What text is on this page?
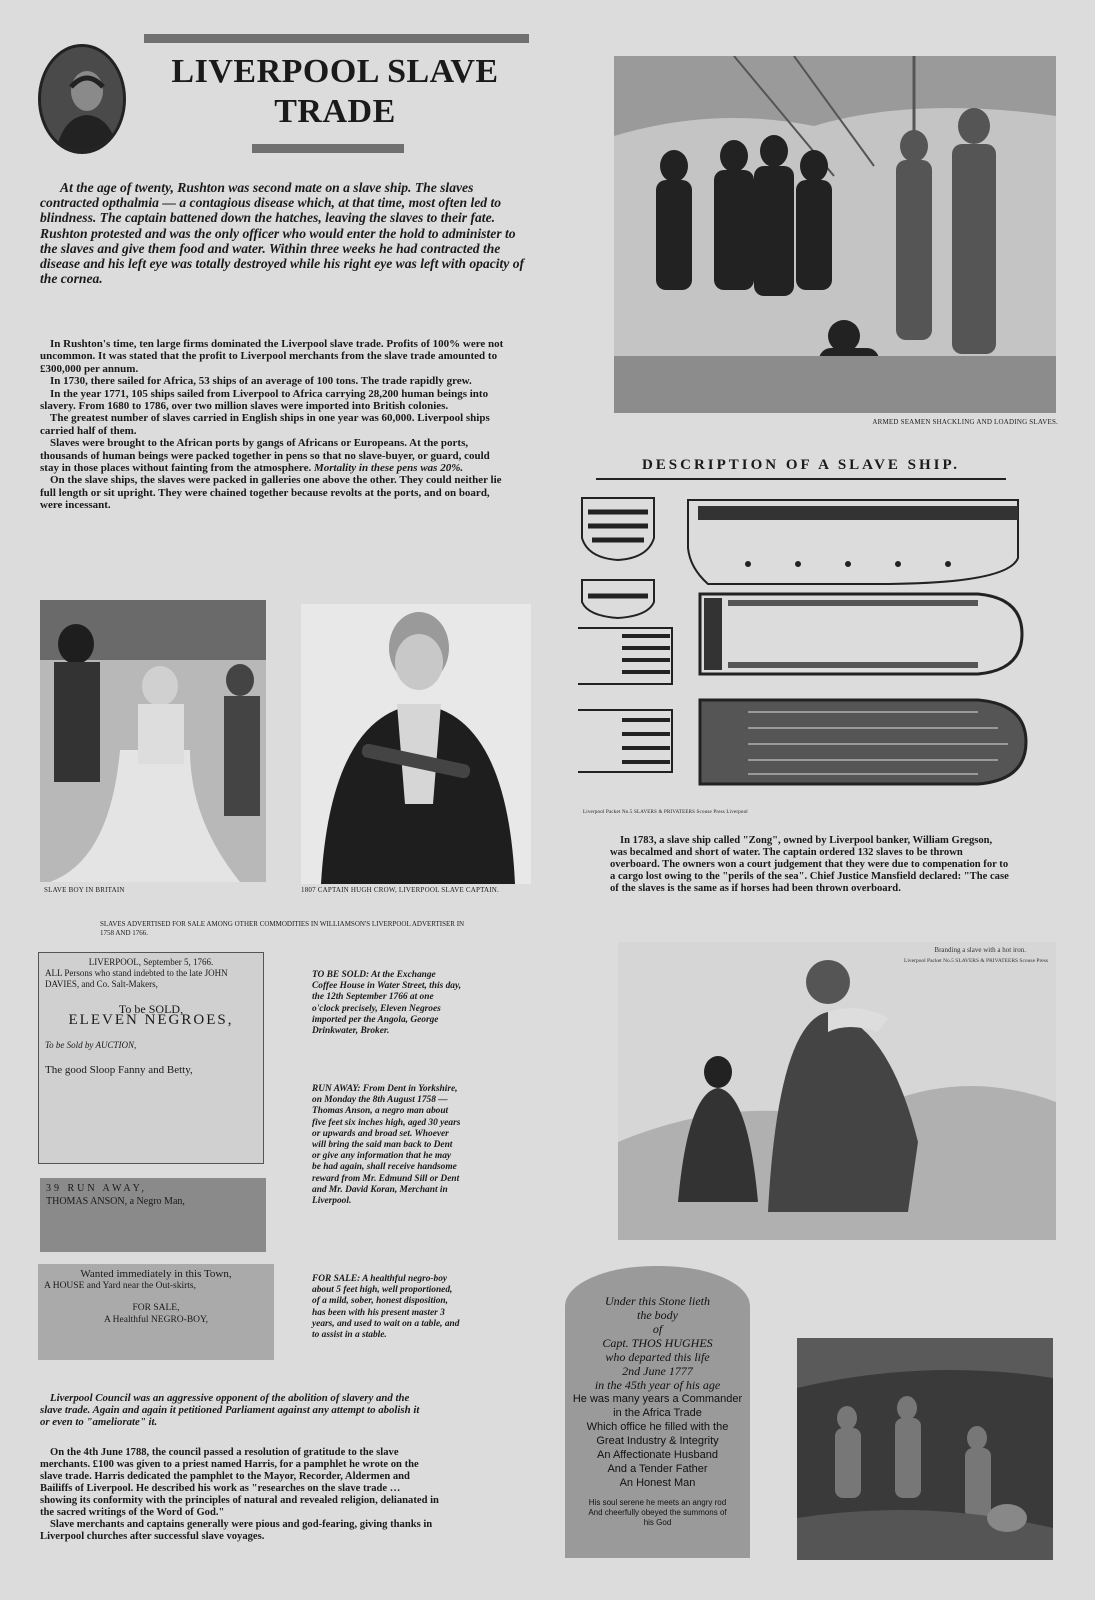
LIVERPOOL SLAVE
TRADE

At the age of twenty, Rushton was second mate on a slave ship. The slaves contracted opthalmia — a contagious disease which, at that time, most often led to blindness. The captain battened down the hatches, leaving the slaves to their fate. Rushton protested and was the only officer who would enter the hold to administer to the slaves and give them food and water. Within three weeks he had contracted the disease and his left eye was totally destroyed while his right eye was left with opacity of the cornea.

In Rushton's time, ten large firms dominated the Liverpool slave trade. Profits of 100% were not uncommon. It was stated that the profit to Liverpool merchants from the slave trade amounted to £300,000 per annum.

In 1730, there sailed for Africa, 53 ships of an average of 100 tons. The trade rapidly grew.

In the year 1771, 105 ships sailed from Liverpool to Africa carrying 28,200 human beings into slavery. From 1680 to 1786, over two million slaves were imported into British colonies.

The greatest number of slaves carried in English ships in one year was 60,000. Liverpool ships carried half of them.

Slaves were brought to the African ports by gangs of Africans or Europeans. At the ports, thousands of human beings were packed together in pens so that no slave-buyer, or guard, could stay in those places without fainting from the atmosphere. Mortality in these pens was 20%.

On the slave ships, the slaves were packed in galleries one above the other. They could neither lie full length or sit upright. They were chained together because revolts at the ports, and on board, were incessant.

ARMED SEAMEN SHACKLING AND LOADING SLAVES.
DESCRIPTION OF A SLAVE SHIP.
Liverpool Packet No.5 SLAVERS & PRIVATEERS Scouse Press Liverpool

In 1783, a slave ship called "Zong", owned by Liverpool banker, William Gregson, was becalmed and short of water. The captain ordered 132 slaves to be thrown overboard. The owners won a court judgement that they were due to compenation for to a cargo lost owing to the "perils of the sea". Chief Justice Mansfield declared: "The case of the slaves is the same as if horses had been thrown overboard.

SLAVE BOY IN BRITAIN	1807 CAPTAIN HUGH CROW, LIVERPOOL SLAVE CAPTAIN.
SLAVES ADVERTISED FOR SALE AMONG OTHER COMMODITIES IN WILLIAMSON'S LIVERPOOL ADVERTISER IN 1758 AND 1766.
LIVERPOOL, September 5, 1766.
ALL Persons who stand indebted to the late JOHN DAVIES, and Co. Salt-Makers,
To be SOLD,
ELEVEN NEGROES,
To be Sold by AUCTION,
The good Sloop Fanny and Betty,
39 RUN AWAY,
THOMAS ANSON, a Negro Man,
Wanted immediately in this Town,
A HOUSE and Yard near the Out-skirts,
FOR SALE,
A Healthful NEGRO-BOY,

TO BE SOLD: At the Exchange Coffee House in Water Street, this day, the 12th September 1766 at one o'clock precisely, Eleven Negroes imported per the Angola, George Drinkwater, Broker.

RUN AWAY: From Dent in Yorkshire, on Monday the 8th August 1758 — Thomas Anson, a negro man about five feet six inches high, aged 30 years or upwards and broad set. Whoever will bring the said man back to Dent or give any information that he may be had again, shall receive handsome reward from Mr. Edmund Sill or Dent and Mr. David Koran, Merchant in Liverpool.

FOR SALE: A healthful negro-boy about 5 feet high, well proportioned, of a mild, sober, honest disposition, has been with his present master 3 years, and used to wait on a table, and to assist in a stable.

Liverpool Council was an aggressive opponent of the abolition of slavery and the slave trade. Again and again it petitioned Parliament against any attempt to abolish it or even to "ameliorate" it.

On the 4th June 1788, the council passed a resolution of gratitude to the slave merchants. £100 was given to a priest named Harris, for a pamphlet he wrote on the slave trade. Harris dedicated the pamphlet to the Mayor, Recorder, Aldermen and Bailiffs of Liverpool. He described his work as "researches on the slave trade … showing its conformity with the principles of natural and revealed religion, delianated in the sacred writings of the Word of God."

Slave merchants and captains generally were pious and god-fearing, giving thanks in Liverpool churches after successful slave voyages.

Branding a slave with a hot iron.
Liverpool Packet No.5 SLAVERS & PRIVATEERS Scouse Press
Under this Stone lieth
the body
of
Capt. THOS HUGHES
who departed this life
2nd June 1777
in the 45th year of his age
He was many years a Commander
in the Africa Trade
Which office he filled with the
Great Industry & Integrity
An Affectionate Husband
And a Tender Father
An Honest Man
His soul serene he meets an angry rod
And cheerfully obeyed the summons of
his God
